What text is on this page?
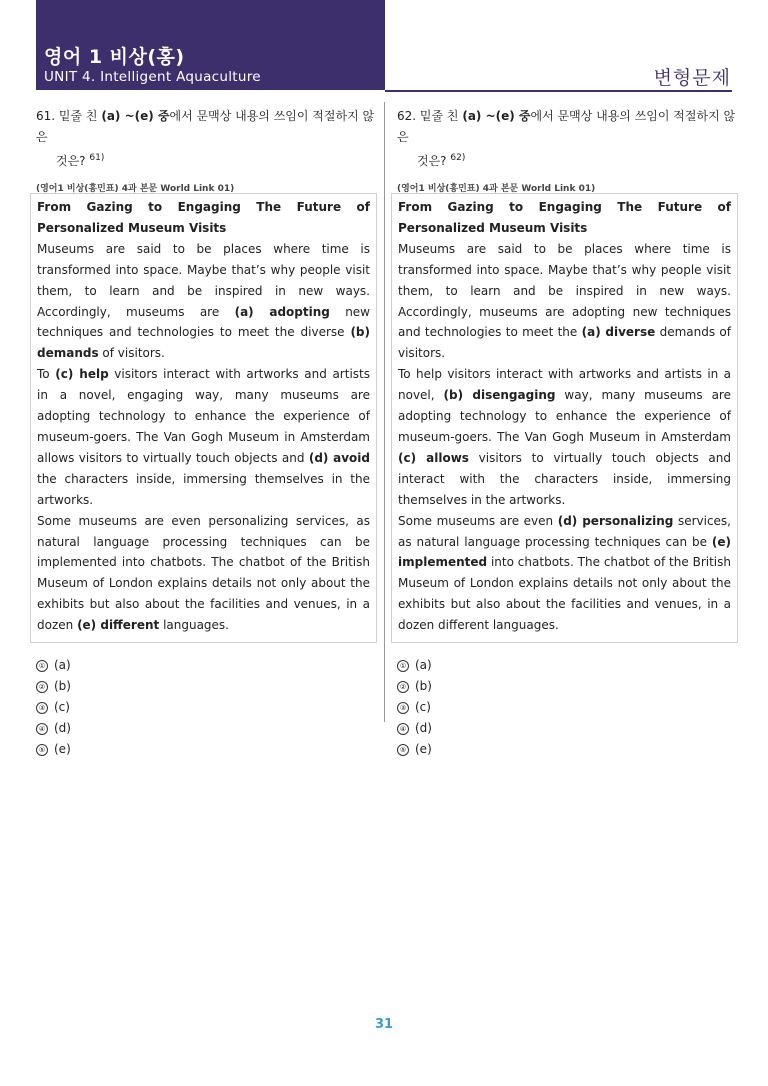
영어 1 비상(홍)
UNIT 4. Intelligent Aquaculture	변형문제
61. 밑줄 친 (a) ~(e) 중에서 문맥상 내용의 쓰임이 적절하지 않은
것은? $^{61)}$
(영어1 비상(홍민표) 4과 본문 World Link 01)

From Gazing to Engaging The Future of Personalized Museum Visits

Museums are said to be places where time is transformed into space. Maybe that’s why people visit them, to learn and be inspired in new ways. Accordingly, museums are (a) adopting new techniques and technologies to meet the diverse (b) demands of visitors.

To (c) help visitors interact with artworks and artists in a novel, engaging way, many museums are adopting technology to enhance the experience of museum-goers. The Van Gogh Museum in Amsterdam allows visitors to virtually touch objects and (d) avoid the characters inside, immersing themselves in the artworks.

Some museums are even personalizing services, as natural language processing techniques can be implemented into chatbots. The chatbot of the British Museum of London explains details not only about the exhibits but also about the facilities and venues, in a dozen (e) different languages.

① (a)
② (b)
③ (c)
④ (d)
⑤ (e)
62. 밑줄 친 (a) ~(e) 중에서 문맥상 내용의 쓰임이 적절하지 않은
것은? $^{62)}$
(영어1 비상(홍민표) 4과 본문 World Link 01)

From Gazing to Engaging The Future of Personalized Museum Visits

Museums are said to be places where time is transformed into space. Maybe that’s why people visit them, to learn and be inspired in new ways. Accordingly, museums are adopting new techniques and technologies to meet the (a) diverse demands of visitors.

To help visitors interact with artworks and artists in a novel, (b) disengaging way, many museums are adopting technology to enhance the experience of museum-goers. The Van Gogh Museum in Amsterdam (c) allows visitors to virtually touch objects and interact with the characters inside, immersing themselves in the artworks.

Some museums are even (d) personalizing services, as natural language processing techniques can be (e) implemented into chatbots. The chatbot of the British Museum of London explains details not only about the exhibits but also about the facilities and venues, in a dozen different languages.

① (a)
② (b)
③ (c)
④ (d)
⑤ (e)
31
